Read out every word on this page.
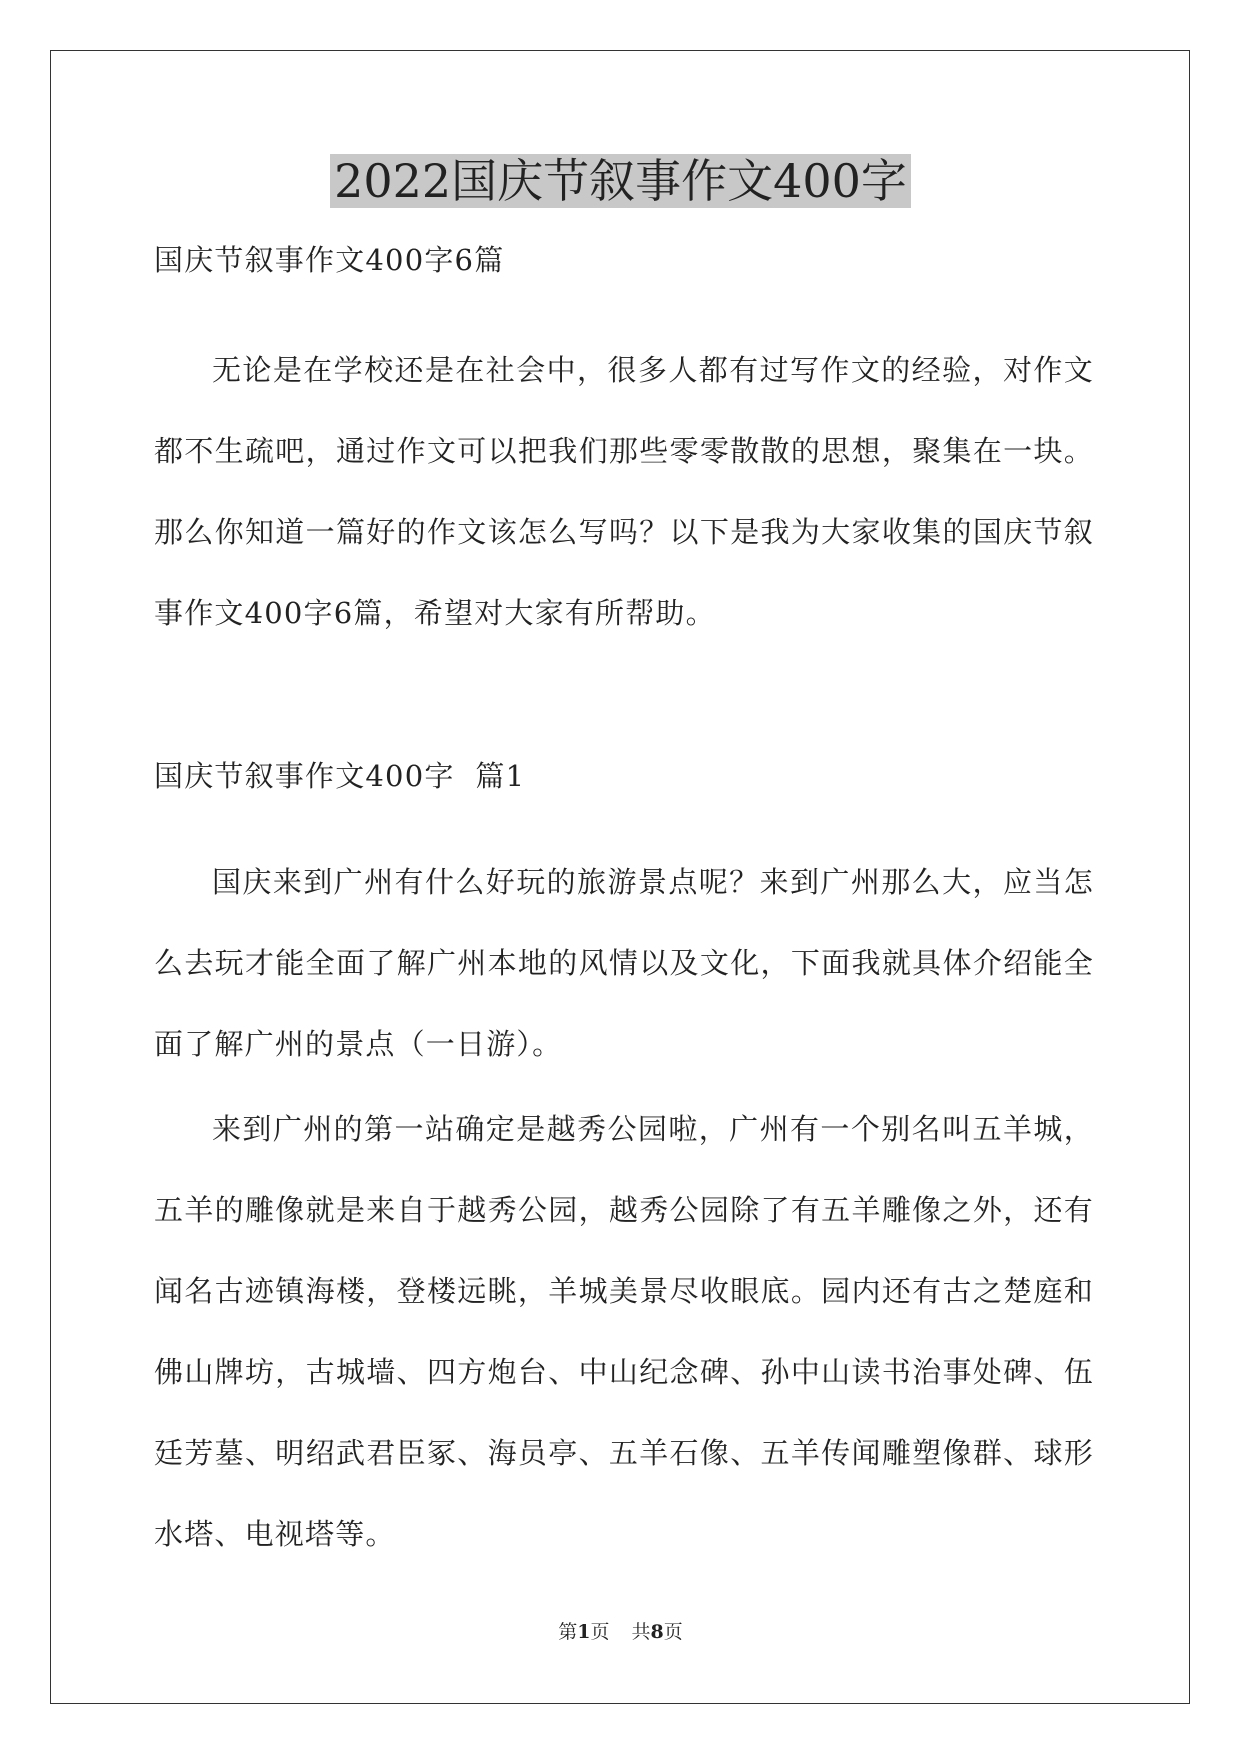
2022国庆节叙事作文400字
国庆节叙事作文400字6篇

无论是在学校还是在社会中，很多人都有过写作文的经验，对作文都不生疏吧，通过作文可以把我们那些零零散散的思想，聚集在一块。那么你知道一篇好的作文该怎么写吗？以下是我为大家收集的国庆节叙事作文400字6篇，希望对大家有所帮助。

国庆节叙事作文400字  篇1

国庆来到广州有什么好玩的旅游景点呢？来到广州那么大，应当怎么去玩才能全面了解广州本地的风情以及文化，下面我就具体介绍能全面了解广州的景点（一日游）。

来到广州的第一站确定是越秀公园啦，广州有一个别名叫五羊城，五羊的雕像就是来自于越秀公园，越秀公园除了有五羊雕像之外，还有闻名古迹镇海楼，登楼远眺，羊城美景尽收眼底。园内还有古之楚庭和佛山牌坊，古城墙、四方炮台、中山纪念碑、孙中山读书治事处碑、伍廷芳墓、明绍武君臣冢、海员亭、五羊石像、五羊传闻雕塑像群、球形水塔、电视塔等。

第1页 共8页
